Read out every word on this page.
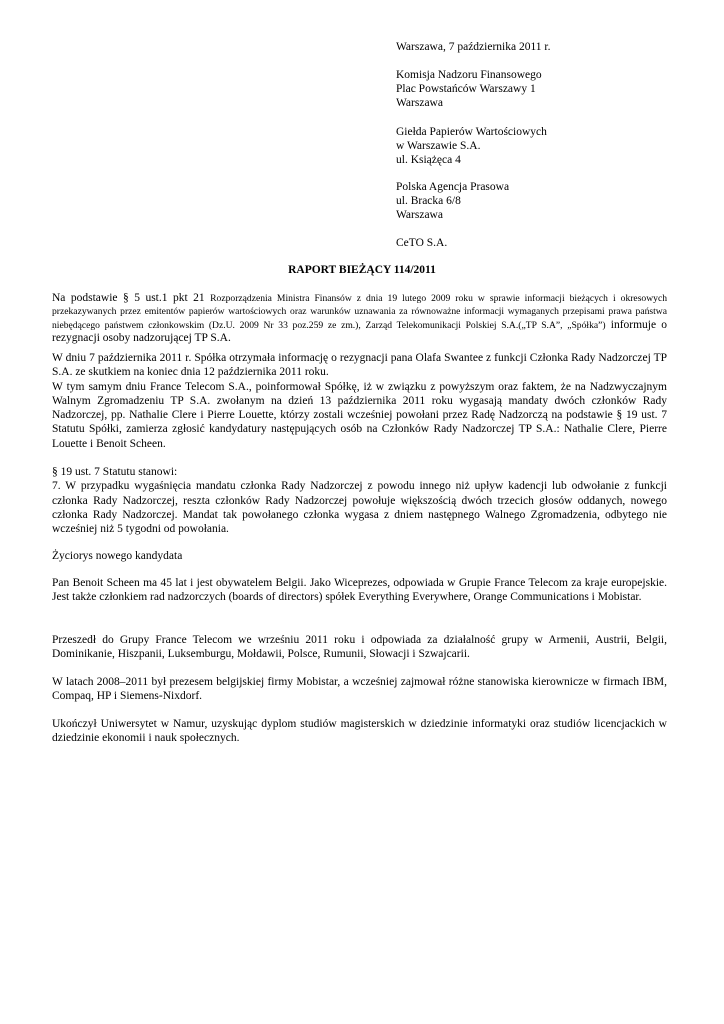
Warszawa, 7 października 2011 r.
Komisja Nadzoru Finansowego
Plac Powstańców Warszawy 1
Warszawa
Giełda Papierów Wartościowych
w Warszawie S.A.
ul. Książęca 4
Polska Agencja Prasowa
ul. Bracka 6/8
Warszawa
CeTO S.A.
RAPORT BIEŻĄCY 114/2011
Na podstawie § 5 ust.1 pkt 21 Rozporządzenia Ministra Finansów z dnia 19 lutego 2009 roku w sprawie informacji bieżących i okresowych przekazywanych przez emitentów papierów wartościowych oraz warunków uznawania za równoważne informacji wymaganych przepisami prawa państwa niebędącego państwem członkowskim (Dz.U. 2009 Nr 33 poz.259 ze zm.), Zarząd Telekomunikacji Polskiej S.A.(„TP S.A”, „Spółka”) informuje o rezygnacji osoby nadzorującej TP S.A.
W dniu 7 października 2011 r. Spółka otrzymała informację o rezygnacji pana Olafa Swantee z funkcji Członka Rady Nadzorczej TP S.A. ze skutkiem na koniec dnia 12 października 2011 roku.
W tym samym dniu France Telecom S.A., poinformował Spółkę, iż w związku z powyższym oraz faktem, że na Nadzwyczajnym Walnym Zgromadzeniu TP S.A. zwołanym na dzień 13 października 2011 roku wygasają mandaty dwóch członków Rady Nadzorczej, pp. Nathalie Clere i Pierre Louette, którzy zostali wcześniej powołani przez Radę Nadzorczą na podstawie § 19 ust. 7 Statutu Spółki, zamierza zgłosić kandydatury następujących osób na Członków Rady Nadzorczej TP S.A.: Nathalie Clere, Pierre Louette i Benoit Scheen.
§ 19 ust. 7 Statutu stanowi:
7. W przypadku wygaśnięcia mandatu członka Rady Nadzorczej z powodu innego niż upływ kadencji lub odwołanie z funkcji członka Rady Nadzorczej, reszta członków Rady Nadzorczej powołuje większością dwóch trzecich głosów oddanych, nowego członka Rady Nadzorczej. Mandat tak powołanego członka wygasa z dniem następnego Walnego Zgromadzenia, odbytego nie wcześniej niż 5 tygodni od powołania.
Życiorys nowego kandydata
Pan Benoit Scheen ma 45 lat i jest obywatelem Belgii. Jako Wiceprezes, odpowiada w Grupie France Telecom za kraje europejskie. Jest także członkiem rad nadzorczych (boards of directors) spółek Everything Everywhere, Orange Communications i Mobistar.
Przeszedł do Grupy France Telecom we wrześniu 2011 roku i odpowiada za działalność grupy w Armenii, Austrii, Belgii, Dominikanie, Hiszpanii, Luksemburgu, Mołdawii, Polsce, Rumunii, Słowacji i Szwajcarii.
W latach 2008–2011 był prezesem belgijskiej firmy Mobistar, a wcześniej zajmował różne stanowiska kierownicze w firmach IBM, Compaq, HP i Siemens-Nixdorf.
Ukończył Uniwersytet w Namur, uzyskując dyplom studiów magisterskich w dziedzinie informatyki oraz studiów licencjackich w dziedzinie ekonomii i nauk społecznych.
